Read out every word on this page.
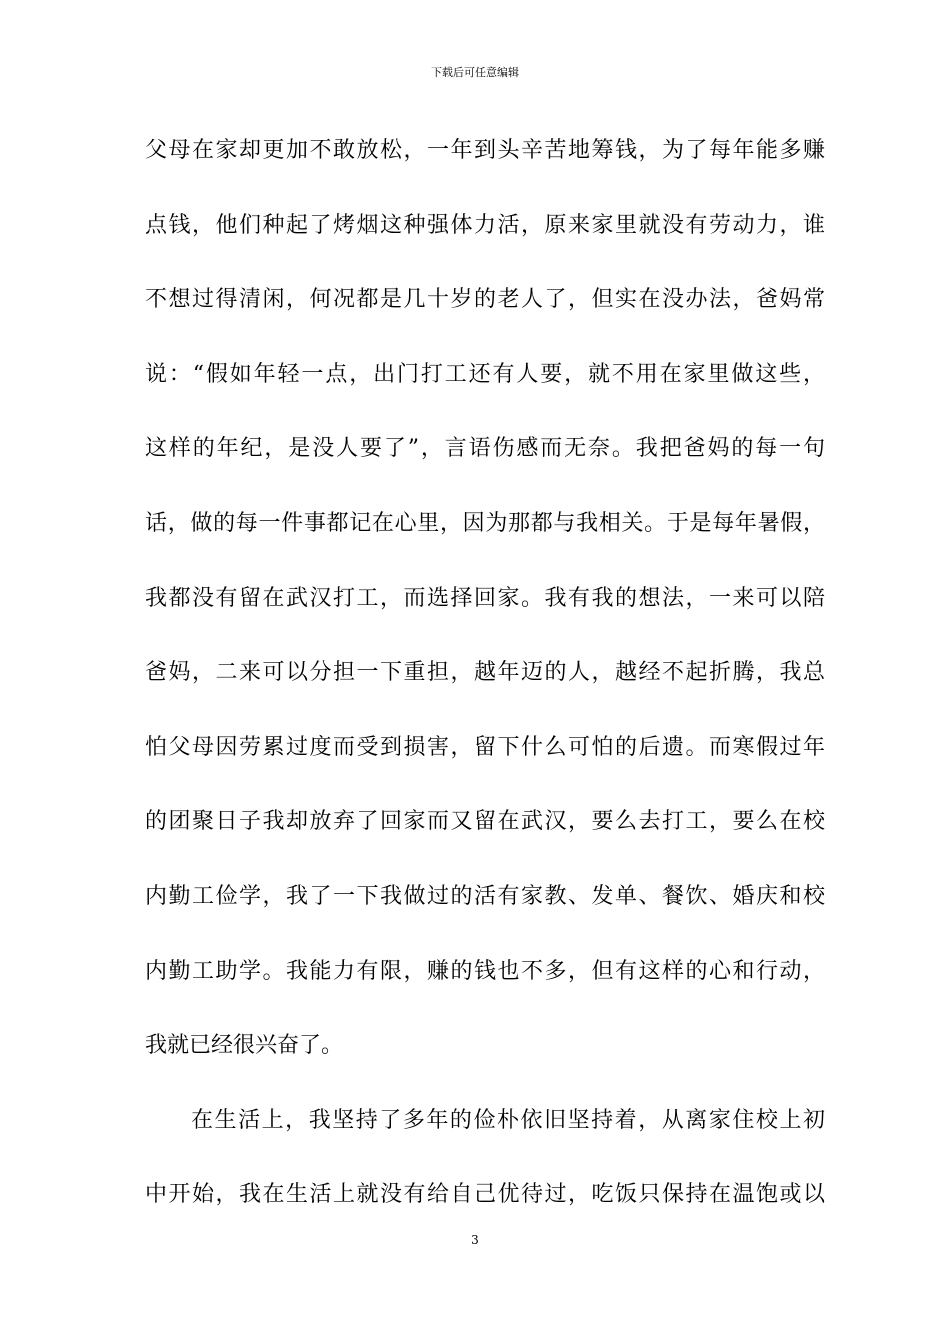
下载后可任意编辑
父母在家却更加不敢放松，一年到头辛苦地筹钱，为了每年能多赚
点钱，他们种起了烤烟这种强体力活，原来家里就没有劳动力，谁
不想过得清闲，何况都是几十岁的老人了，但实在没办法，爸妈常
说：“假如年轻一点，出门打工还有人要，就不用在家里做这些，
这样的年纪，是没人要了”，言语伤感而无奈。我把爸妈的每一句
话，做的每一件事都记在心里，因为那都与我相关。于是每年暑假，
我都没有留在武汉打工，而选择回家。我有我的想法，一来可以陪
爸妈，二来可以分担一下重担，越年迈的人，越经不起折腾，我总
怕父母因劳累过度而受到损害，留下什么可怕的后遗。而寒假过年
的团聚日子我却放弃了回家而又留在武汉，要么去打工，要么在校
内勤工俭学，我了一下我做过的活有家教、发单、餐饮、婚庆和校
内勤工助学。我能力有限，赚的钱也不多，但有这样的心和行动，
我就已经很兴奋了。
在生活上，我坚持了多年的俭朴依旧坚持着，从离家住校上初
中开始，我在生活上就没有给自己优待过，吃饭只保持在温饱或以
3
